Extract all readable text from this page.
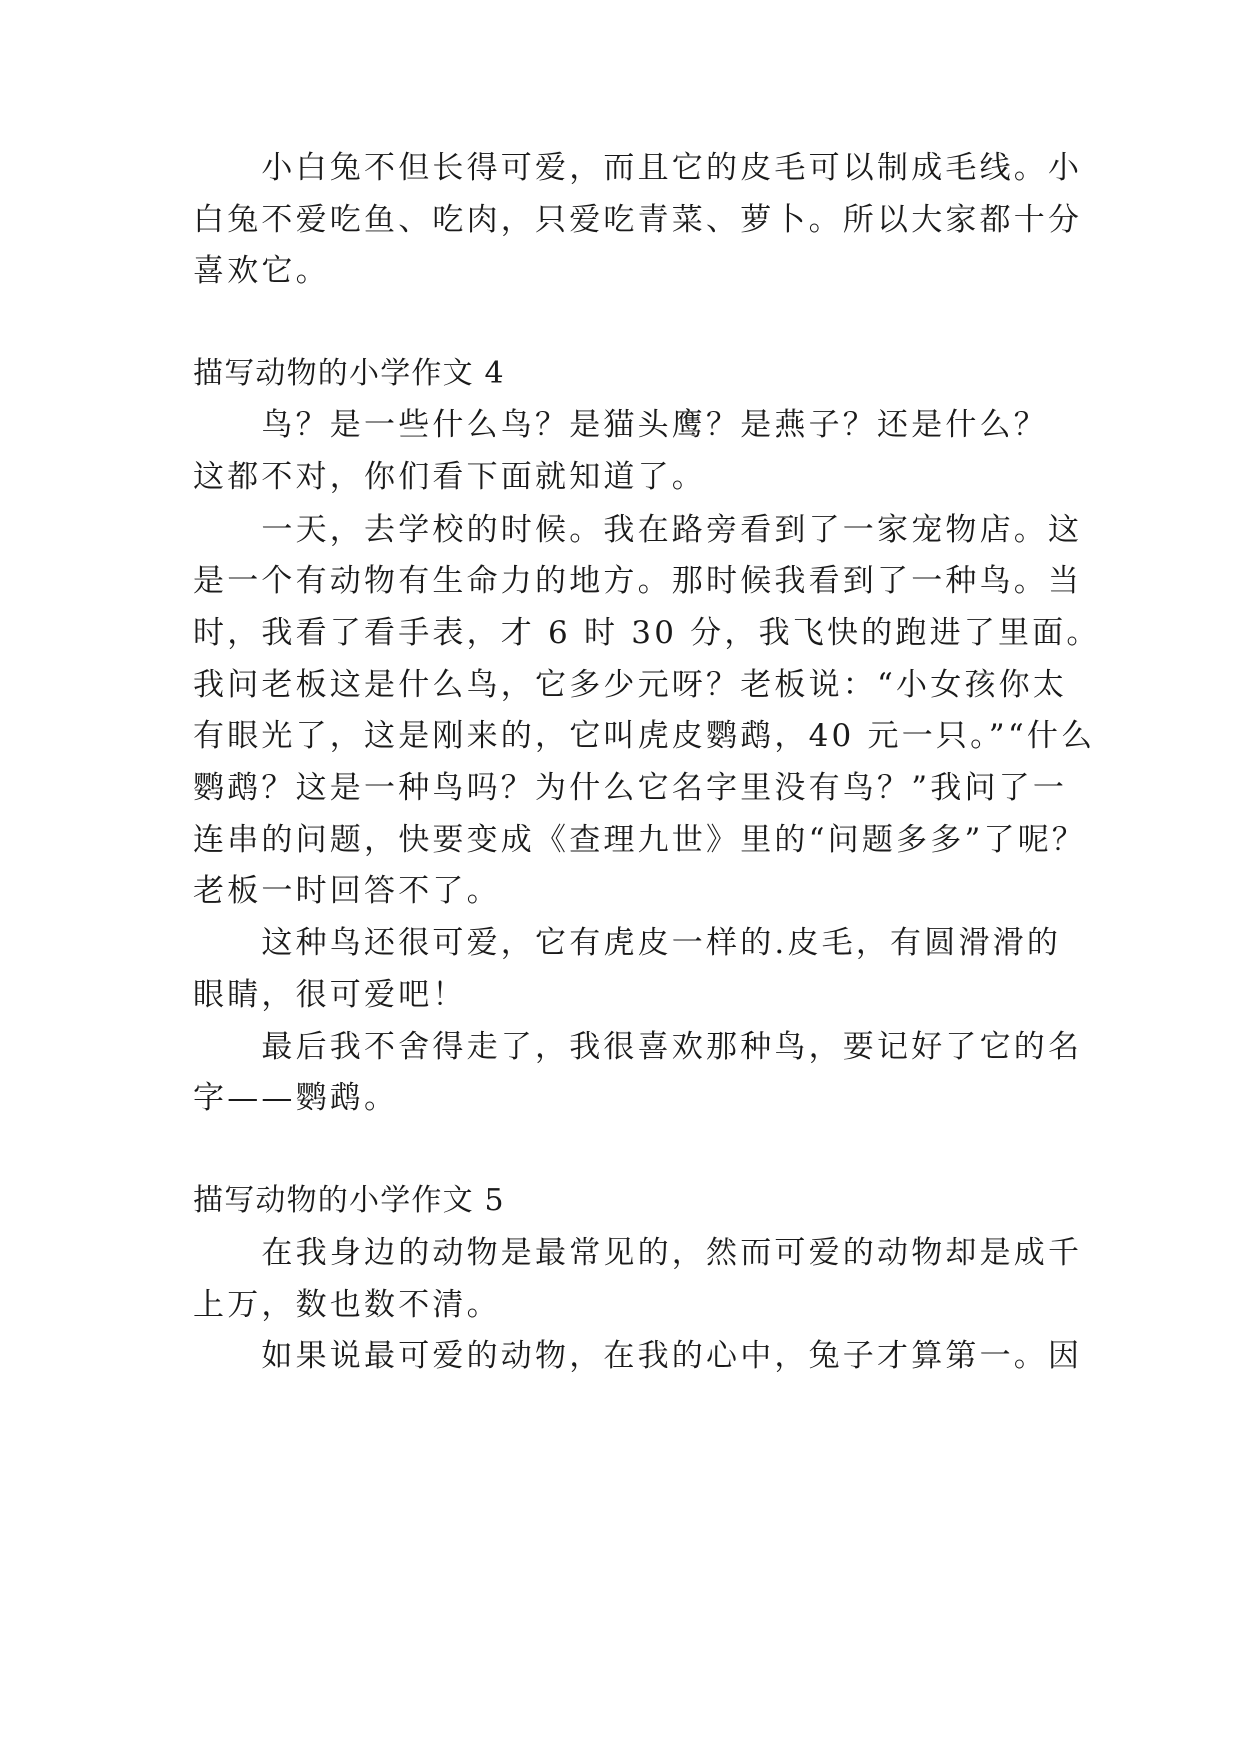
　　小白兔不但长得可爱，而且它的皮毛可以制成毛线。小
白兔不爱吃鱼、吃肉，只爱吃青菜、萝卜。所以大家都十分
喜欢它。
描写动物的小学作文 4
　　鸟？是一些什么鸟？是猫头鹰？是燕子？还是什么？
这都不对，你们看下面就知道了。
　　一天，去学校的时候。我在路旁看到了一家宠物店。这
是一个有动物有生命力的地方。那时候我看到了一种鸟。当
时，我看了看手表，才 6 时 30 分，我飞快的跑进了里面。
我问老板这是什么鸟，它多少元呀？老板说：“小女孩你太
有眼光了，这是刚来的，它叫虎皮鹦鹉，40 元一只。”“什么
鹦鹉？这是一种鸟吗？为什么它名字里没有鸟？”我问了一
连串的问题，快要变成《查理九世》里的“问题多多”了呢？
老板一时回答不了。
　　这种鸟还很可爱，它有虎皮一样的.皮毛，有圆滑滑的
眼睛，很可爱吧！
　　最后我不舍得走了，我很喜欢那种鸟，要记好了它的名
字——鹦鹉。
描写动物的小学作文 5
　　在我身边的动物是最常见的，然而可爱的动物却是成千
上万，数也数不清。
　　如果说最可爱的动物，在我的心中，兔子才算第一。因
